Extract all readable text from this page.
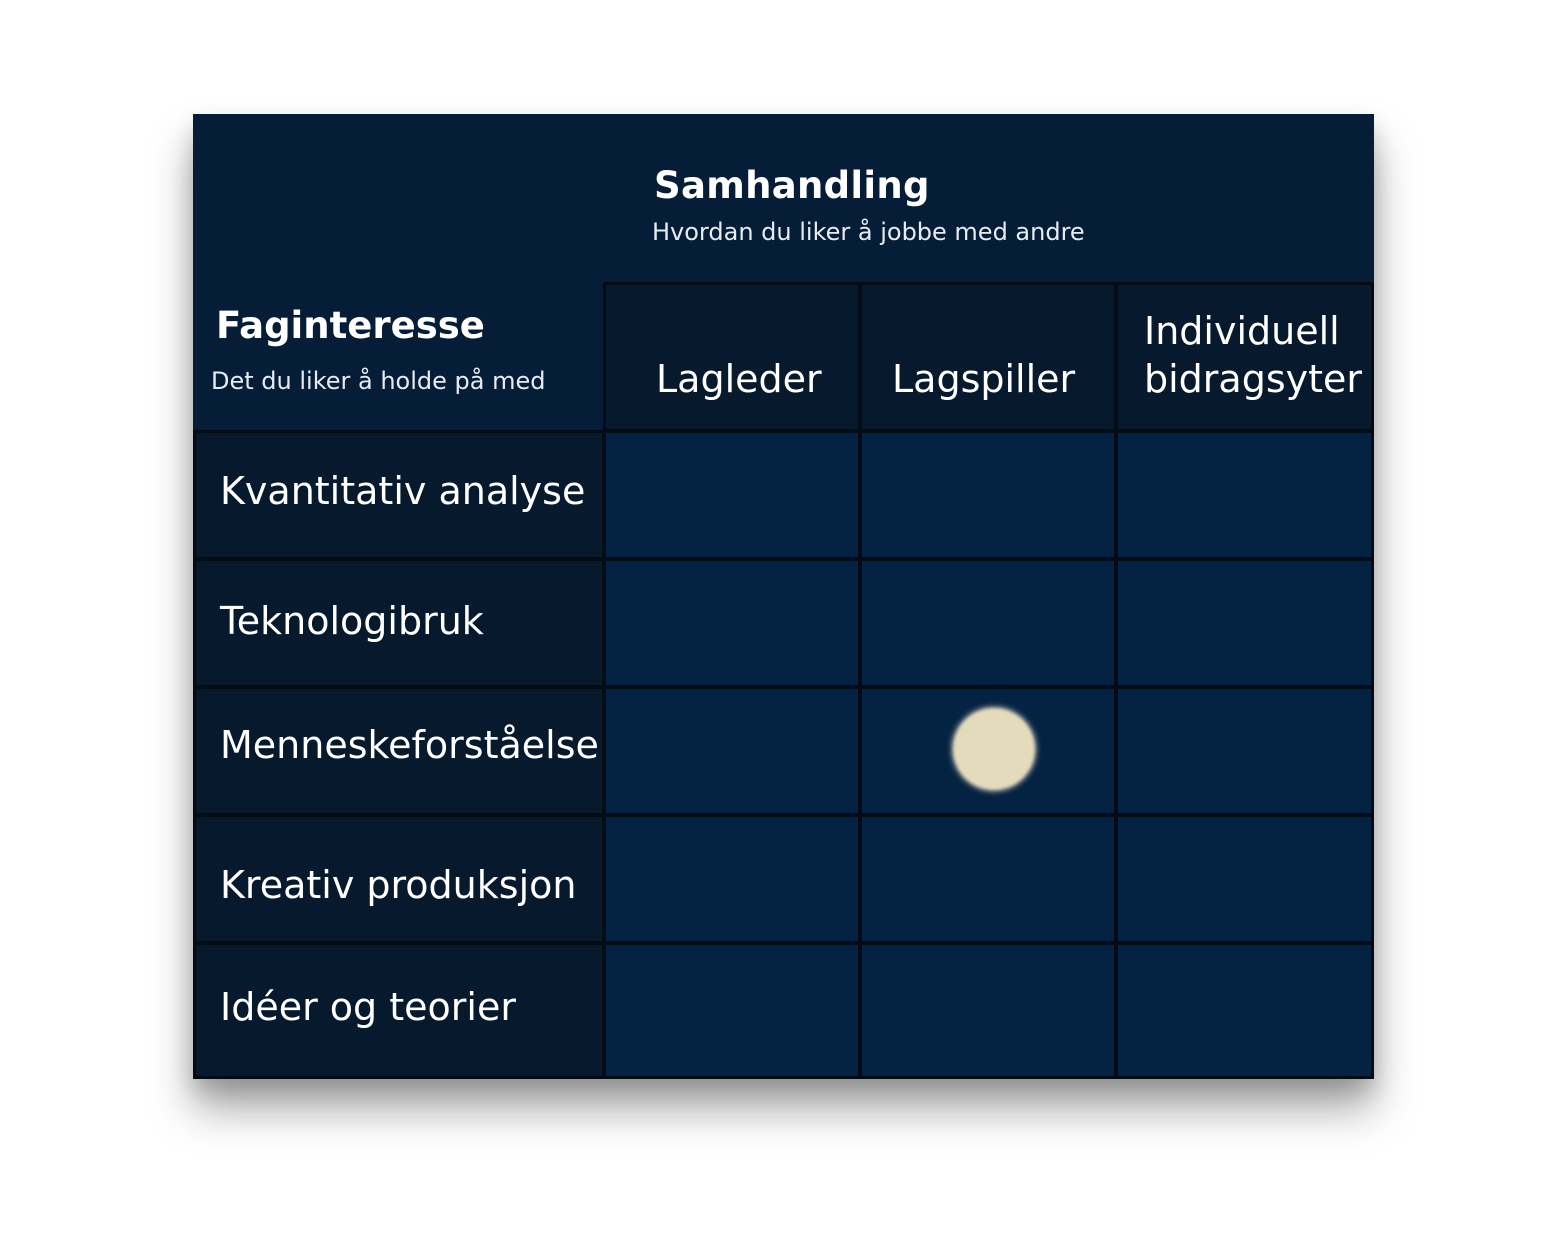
Samhandling
Hvordan du liker å jobbe med andre
Faginteresse
Det du liker å holde på med	Lagleder Lagspiller
Individuell
bidragsyter
Kvantitativ analyse
Teknologibruk
Menneskeforståelse
Kreativ produksjon
Idéer og teorier
